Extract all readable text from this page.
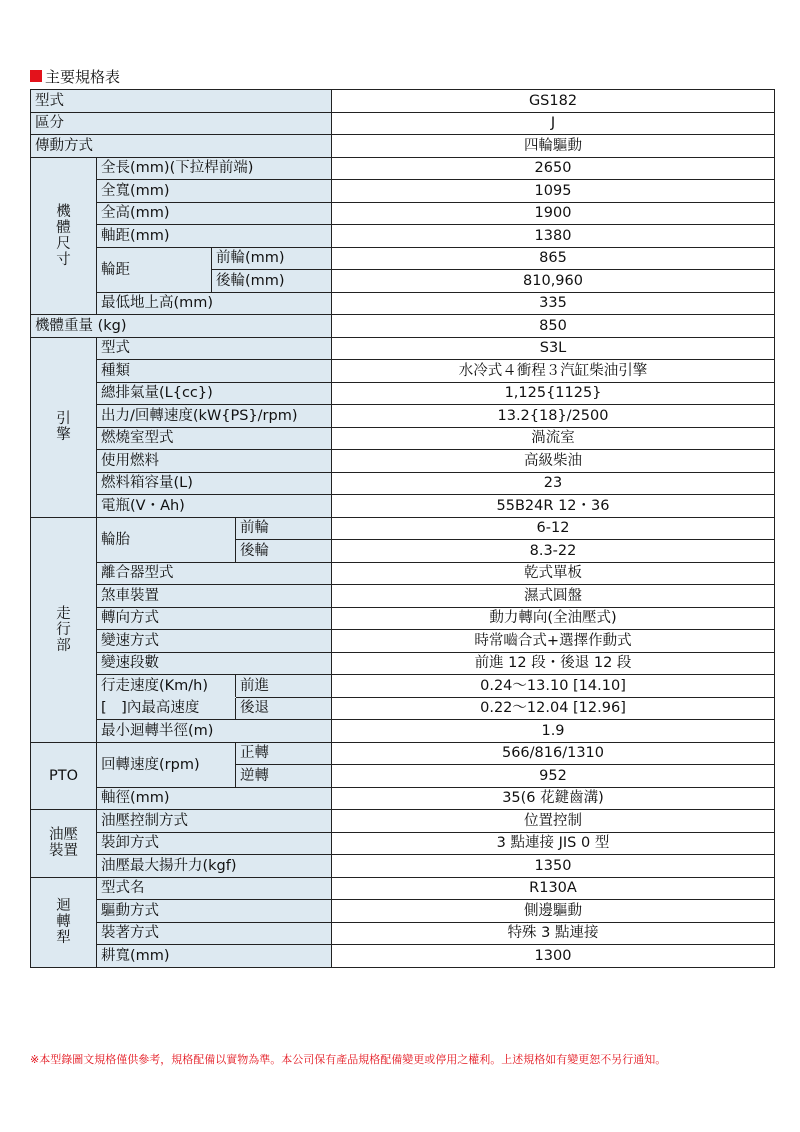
主要規格表
型式				GS182
區分				J
傳動方式				四輪驅動
機
體
尺
寸	全長(mm)(下拉桿前端)			2650
	全寬(mm)			1095
	全高(mm)			1900
	軸距(mm)			1380
	輪距	前輪(mm)		865
		後輪(mm)		810,960
	最低地上高(mm)			335
機體重量 (kg)				850
引
擎	型式			S3L
	種類			水冷式４衝程３汽缸柴油引擎
	總排氣量(L{cc})			1,125{1125}
	出力/回轉速度(kW{PS}/rpm)			13.2{18}/2500
	燃燒室型式			渦流室
	使用燃料			高級柴油
	燃料箱容量(L)			23
	電瓶(V・Ah)			55B24R 12・36
走
行
部	輪胎		前輪	6-12
			後輪	8.3-22
	離合器型式			乾式單板
	煞車裝置			濕式圓盤
	轉向方式			動力轉向(全油壓式)
	變速方式			時常嚙合式+選擇作動式
	變速段數			前進 12 段・後退 12 段
	行走速度(Km/h)		前進	0.24～13.10 [14.10]
	[　]內最高速度		後退	0.22～12.04 [12.96]
	最小迴轉半徑(m)			1.9
PTO	回轉速度(rpm)		正轉	566/816/1310
			逆轉	952
	軸徑(mm)			35(6 花鍵齒溝)
油壓
裝置	油壓控制方式			位置控制
	裝卸方式			3 點連接 JIS 0 型
	油壓最大揚升力(kgf)			1350
迴
轉
犁	型式名			R130A
	驅動方式			側邊驅動
	裝著方式			特殊 3 點連接
	耕寬(mm)			1300
※本型錄圖文規格僅供參考，規格配備以實物為準。本公司保有產品規格配備變更或停用之權利。上述規格如有變更恕不另行通知。
